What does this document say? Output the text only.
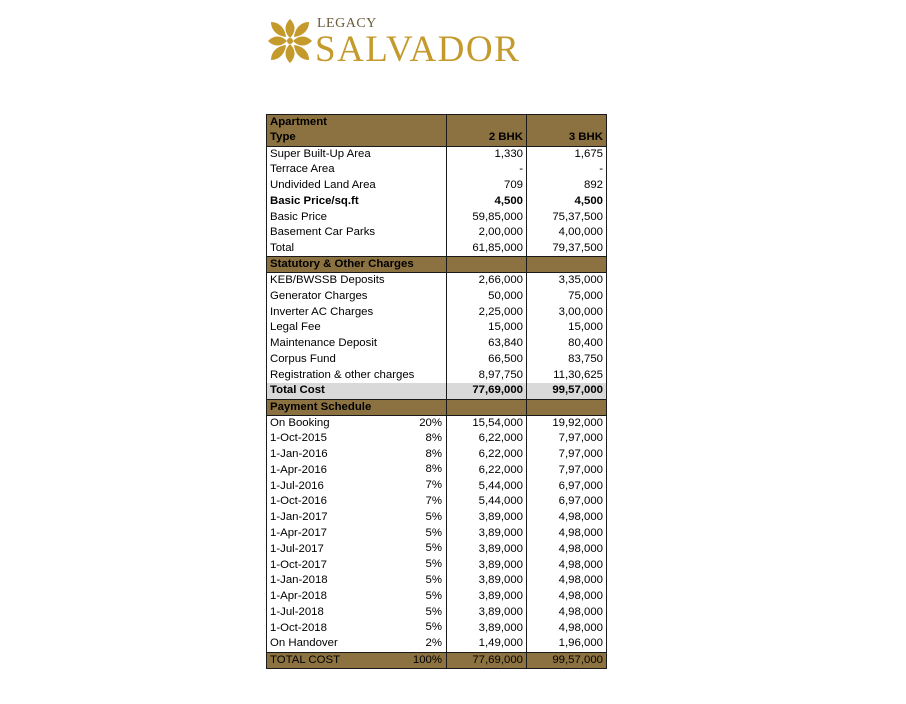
LEGACY
SALVADOR
Apartment		
Type	2 BHK	3 BHK
Super Built-Up Area	1,330	1,675
Terrace Area	-	-
Undivided Land Area	709	892
Basic Price/sq.ft	4,500	4,500
Basic Price	59,85,000	75,37,500
Basement Car Parks	2,00,000	4,00,000
Total	61,85,000	79,37,500
Statutory & Other Charges		
KEB/BWSSB Deposits	2,66,000	3,35,000
Generator Charges	50,000	75,000
Inverter AC Charges	2,25,000	3,00,000
Legal Fee	15,000	15,000
Maintenance Deposit	63,840	80,400
Corpus Fund	66,500	83,750
Registration & other charges	8,97,750	11,30,625
Total Cost	77,69,000	99,57,000
Payment Schedule		
On Booking 20%	15,54,000	19,92,000
1-Oct-2015 8%	6,22,000	7,97,000
1-Jan-2016 8%	6,22,000	7,97,000
1-Apr-2016 8%	6,22,000	7,97,000
1-Jul-2016 7%	5,44,000	6,97,000
1-Oct-2016 7%	5,44,000	6,97,000
1-Jan-2017 5%	3,89,000	4,98,000
1-Apr-2017 5%	3,89,000	4,98,000
1-Jul-2017 5%	3,89,000	4,98,000
1-Oct-2017 5%	3,89,000	4,98,000
1-Jan-2018 5%	3,89,000	4,98,000
1-Apr-2018 5%	3,89,000	4,98,000
1-Jul-2018 5%	3,89,000	4,98,000
1-Oct-2018 5%	3,89,000	4,98,000
On Handover 2%	1,49,000	1,96,000
TOTAL COST 100%	77,69,000	99,57,000
